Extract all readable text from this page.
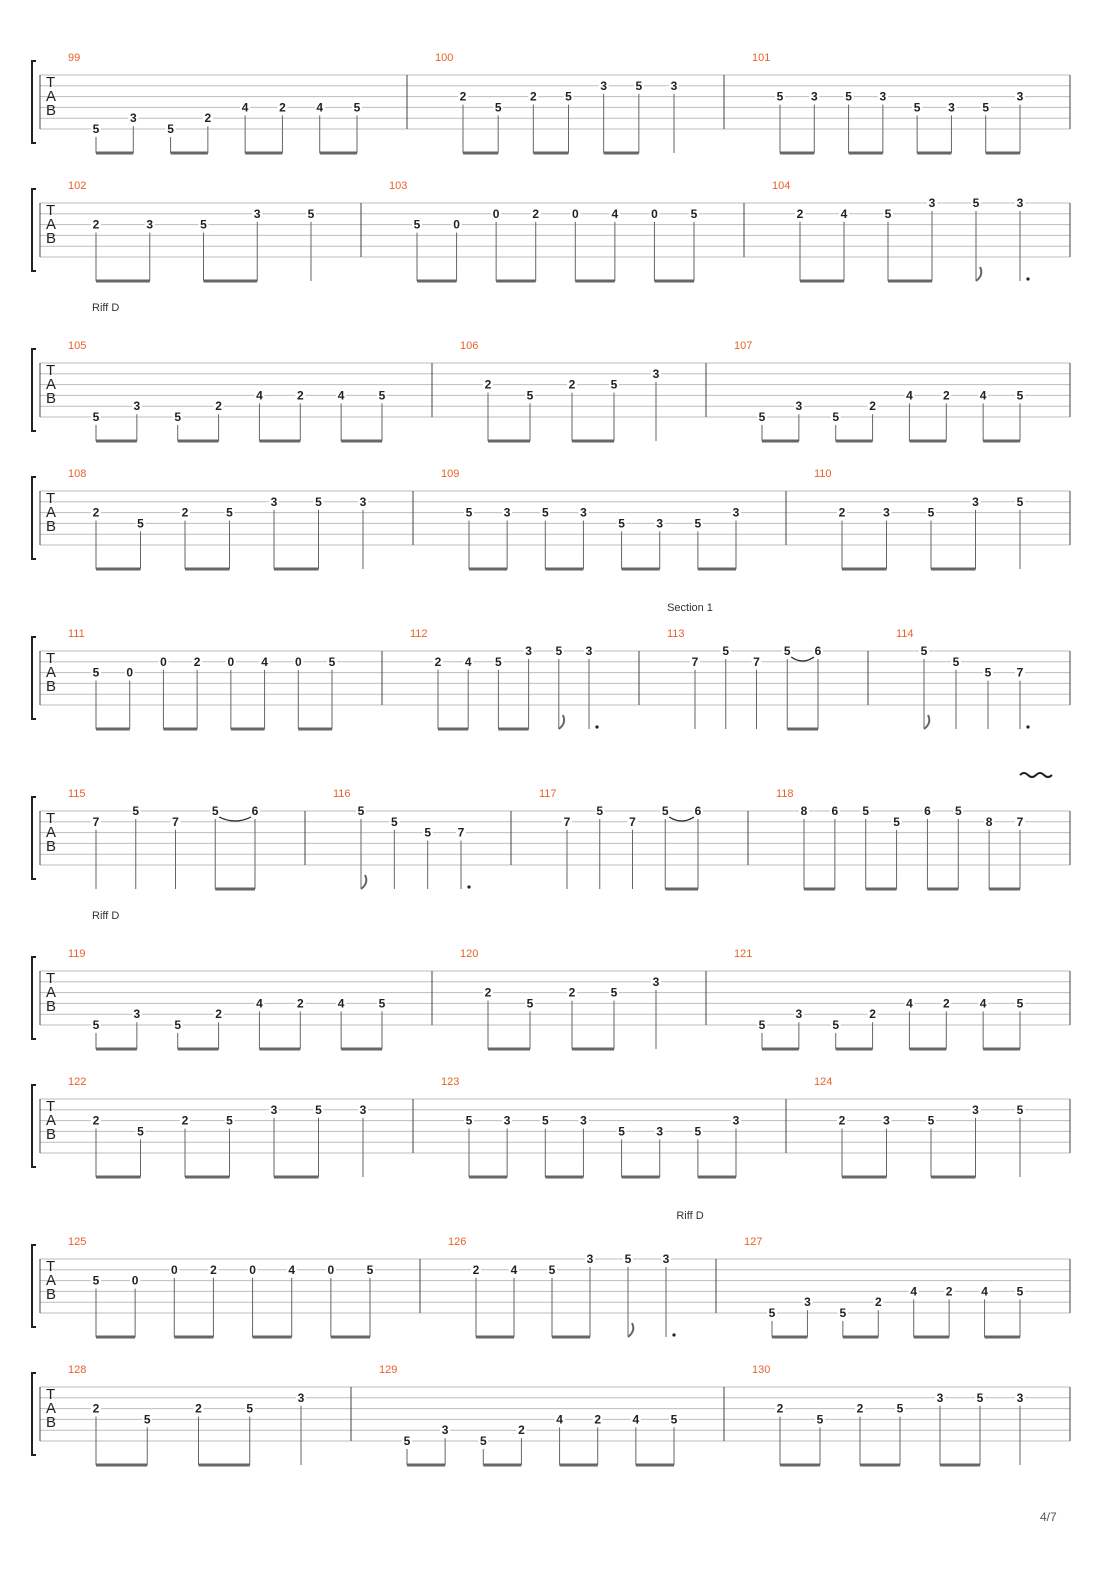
T
A
B
99
5
3
5
2
4	2	4	5
100
2
5
2 5
3 5 3
101
5 3 5 3
5 3 5
3
T
A
B
102
2	3	5
3	5
103
5	0
0	2	0	4	0	5
104
2	4	5
3	5	3
T
A
B
Riff D
105
5
3
5
2
4	2	4	5
106
2
5
2	5
3
107
5
3
5
2
4	2	4	5
T
A
B
108
2
5
2	5
3	5	3
109
5	3	5	3
5	3	5
3
110
2	3	5
3	5
T
A
B
Section 1
111
5 0
0 2 0 4 0 5
112
2 4 5
3 5 3
113
7
5
7
5 6
114
5
5
5 7
T
A
B
115
7
5
7
5	6
116
5
5
5 7
117
7
5
7
5 6
118
8 6 5
5
6 5
8 7
T
A
B
Riff D
119
5
3
5
2
4	2	4	5
120
2
5
2	5
3
121
5
3
5
2
4	2	4	5
T
A
B
122
2
5
2	5
3	5	3
123
5	3	5	3
5	3	5
3
124
2	3	5
3	5
T
A
B
Riff D
125
5	0
0	2	0	4	0	5
126
2	4	5
3	5	3
127
5
3
5
2
4 2 4 5
T
A
B
128
2
5
2	5
3
129
5
3
5
2
4	2	4	5
130
2
5
2	5
3	5	3
4/7
